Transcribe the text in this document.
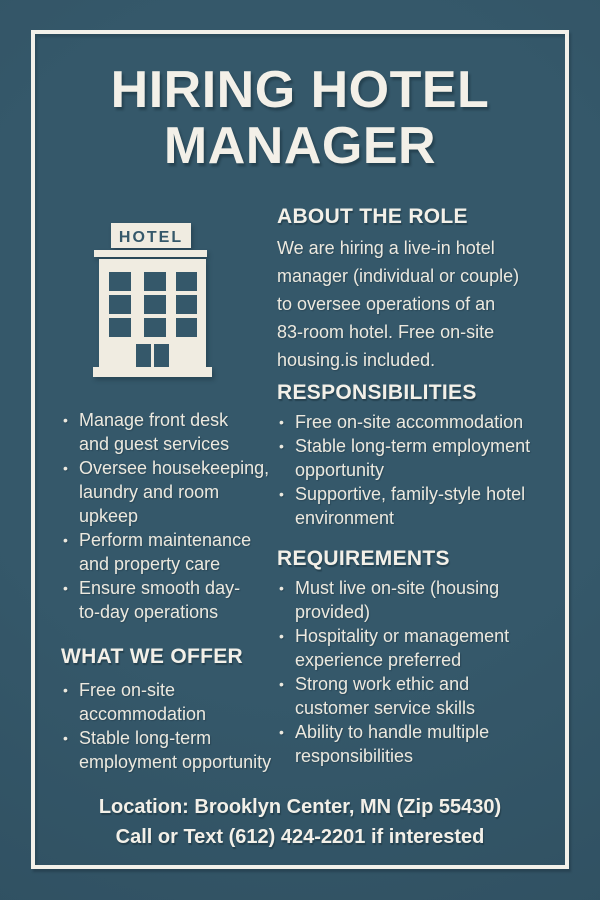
HIRING HOTEL
MANAGER
HOTEL
• Manage front desk
and guest services
• Oversee housekeeping,
laundry and room
upkeep
• Perform maintenance
and property care
• Ensure smooth day-
to-day operations
WHAT WE OFFER
• Free on-site
accommodation
• Stable long-term
employment opportunity
ABOUT THE ROLE

We are hiring a live-in hotel
manager (individual or couple)
to oversee operations of an
83-room hotel. Free on-site
housing.is included.

RESPONSIBILITIES
• Free on-site accommodation
• Stable long-term employment
opportunity
• Supportive, family-style hotel
environment
REQUIREMENTS
• Must live on-site (housing
provided)
• Hospitality or management
experience preferred
• Strong work ethic and
customer service skills
• Ability to handle multiple
responsibilities
Location: Brooklyn Center, MN (Zip 55430)
Call or Text (612) 424-2201 if interested
